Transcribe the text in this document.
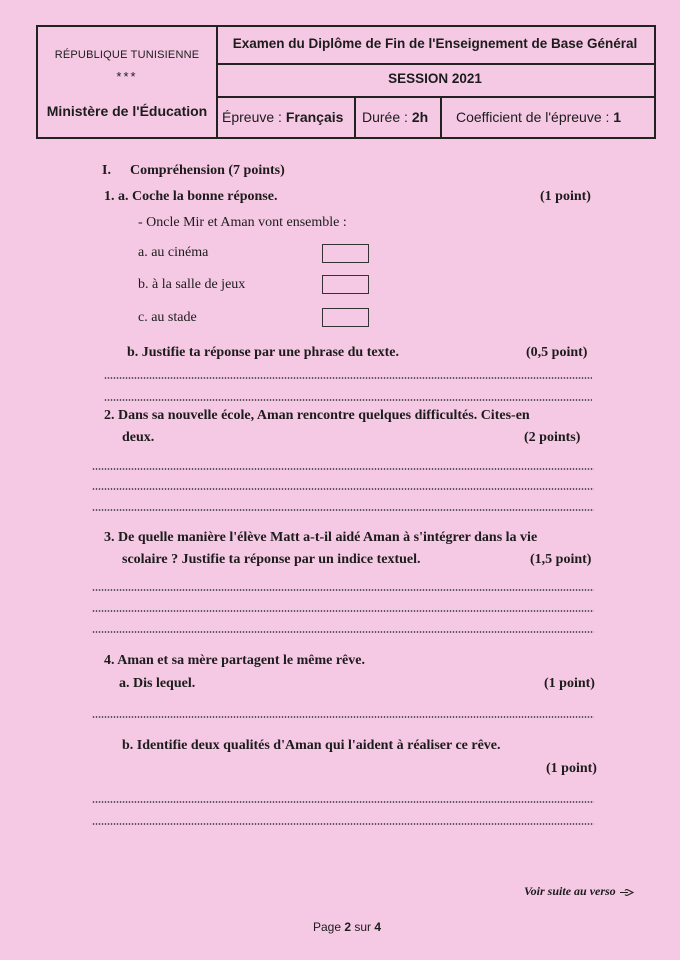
RÉPUBLIQUE TUNISIENNE
***
Ministère de l'Éducation
Examen du Diplôme de Fin de l'Enseignement de Base Général
SESSION 2021
Épreuve : Français	Durée : 2h	Coefficient de l'épreuve : 1
I. Compréhension (7 points)
1. a. Coche la bonne réponse.	(1 point)
- Oncle Mir et Aman vont ensemble :
a. au cinéma
b. à la salle de jeux
c. au stade
b. Justifie ta réponse par une phrase du texte.	(0,5 point)
2. Dans sa nouvelle école, Aman rencontre quelques difficultés. Cites-en
deux.	(2 points)
3. De quelle manière l'élève Matt a-t-il aidé Aman à s'intégrer dans la vie
scolaire ? Justifie ta réponse par un indice textuel.	(1,5 point)
4. Aman et sa mère partagent le même rêve.
a. Dis lequel.	(1 point)
b. Identifie deux qualités d'Aman qui l'aident à réaliser ce rêve.
(1 point)
Voir suite au verso
Page 2 sur 4
